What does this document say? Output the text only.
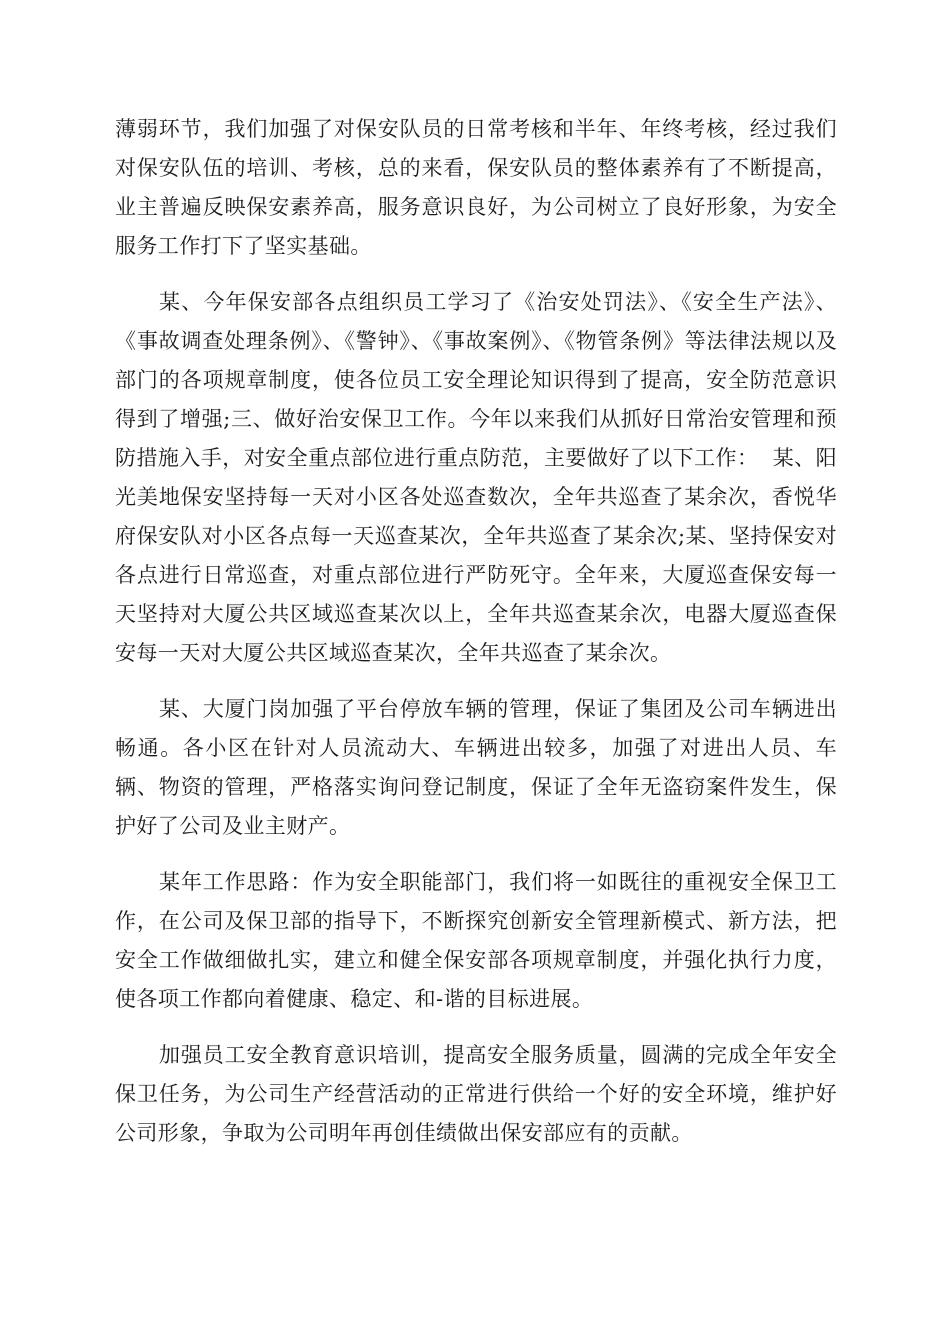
薄弱环节，我们加强了对保安队员的日常考核和半年、年终考核，经过我们对保安队伍的培训、考核，总的来看，保安队员的整体素养有了不断提高，业主普遍反映保安素养高，服务意识良好，为公司树立了良好形象，为安全服务工作打下了坚实基础。

某、今年保安部各点组织员工学习了《治安处罚法》、《安全生产法》、《事故调查处理条例》、《警钟》、《事故案例》、《物管条例》等法律法规以及部门的各项规章制度，使各位员工安全理论知识得到了提高，安全防范意识得到了增强;三、做好治安保卫工作。今年以来我们从抓好日常治安管理和预防措施入手，对安全重点部位进行重点防范，主要做好了以下工作：  某、阳光美地保安坚持每一天对小区各处巡查数次，全年共巡查了某余次，香悦华府保安队对小区各点每一天巡查某次，全年共巡查了某余次;某、坚持保安对各点进行日常巡查，对重点部位进行严防死守。全年来，大厦巡查保安每一天坚持对大厦公共区域巡查某次以上，全年共巡查某余次，电器大厦巡查保安每一天对大厦公共区域巡查某次，全年共巡查了某余次。

某、大厦门岗加强了平台停放车辆的管理，保证了集团及公司车辆进出畅通。各小区在针对人员流动大、车辆进出较多，加强了对进出人员、车辆、物资的管理，严格落实询问登记制度，保证了全年无盗窃案件发生，保护好了公司及业主财产。

某年工作思路：作为安全职能部门，我们将一如既往的重视安全保卫工作，在公司及保卫部的指导下，不断探究创新安全管理新模式、新方法，把安全工作做细做扎实，建立和健全保安部各项规章制度，并强化执行力度，使各项工作都向着健康、稳定、和-谐的目标进展。

加强员工安全教育意识培训，提高安全服务质量，圆满的完成全年安全保卫任务，为公司生产经营活动的正常进行供给一个好的安全环境，维护好公司形象，争取为公司明年再创佳绩做出保安部应有的贡献。
